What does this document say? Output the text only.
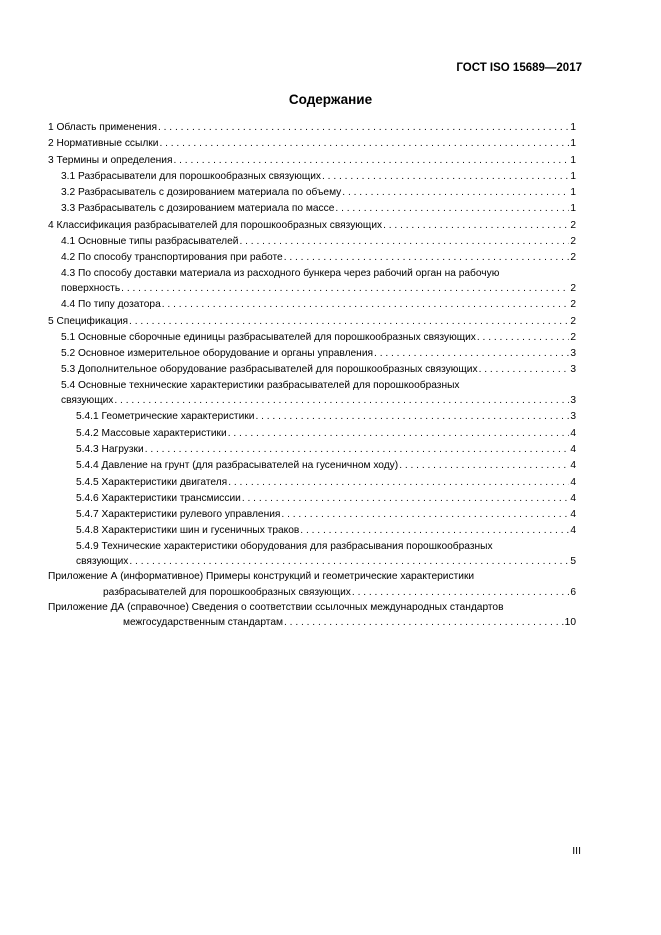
ГОСТ ISO 15689—2017
Содержание
1 Область применения . . .	1
2 Нормативные ссылки . . .	1
3 Термины и определения . . .	1
3.1 Разбрасыватели для порошкообразных связующих . . .	1
3.2 Разбрасыватель с дозированием материала по объему . . .	1
3.3 Разбрасыватель с дозированием материала по массе . . .	1
4 Классификация разбрасывателей для порошкообразных связующих . . .	2
4.1 Основные типы разбрасывателей . . .	2
4.2 По способу транспортирования при работе . . .	2
4.3 По способу доставки материала из расходного бункера через рабочий орган на рабочую
поверхность . . .	2
4.4 По типу дозатора . . .	2
5 Спецификация . . .	2
5.1 Основные сборочные единицы разбрасывателей для порошкообразных связующих . . .	2
5.2 Основное измерительное оборудование и органы управления . . .	3
5.3 Дополнительное оборудование разбрасывателей для порошкообразных связующих . . .	3
5.4 Основные технические характеристики разбрасывателей для порошкообразных
связующих . . .	3
5.4.1 Геометрические характеристики . . .	3
5.4.2 Массовые характеристики . . .	4
5.4.3 Нагрузки . . .	4
5.4.4 Давление на грунт (для разбрасывателей на гусеничном ходу) . . .	4
5.4.5 Характеристики двигателя . . .	4
5.4.6 Характеристики трансмиссии . . .	4
5.4.7 Характеристики рулевого управления . . .	4
5.4.8 Характеристики шин и гусеничных траков . . .	4
5.4.9 Технические характеристики оборудования для разбрасывания порошкообразных
связующих . . .	5
Приложение А (информативное) Примеры конструкций и геометрические характеристики
разбрасывателей для порошкообразных связующих . . .	6
Приложение ДА (справочное) Сведения о соответствии ссылочных международных стандартов
межгосударственным стандартам . . .	10
III
